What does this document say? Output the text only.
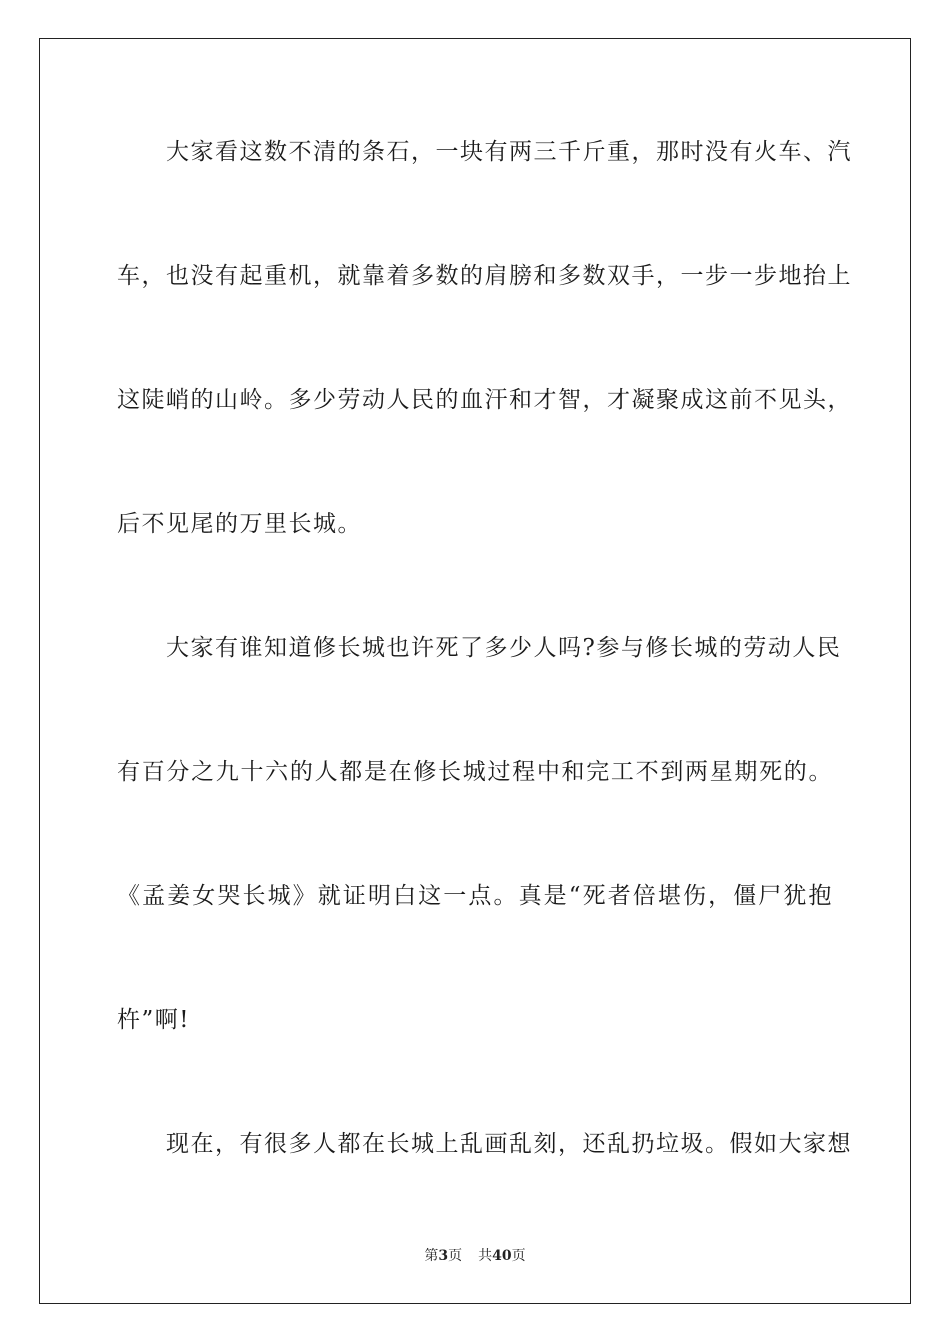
　　大家看这数不清的条石，一块有两三千斤重，那时没有火车、汽
车，也没有起重机，就靠着多数的肩膀和多数双手，一步一步地抬上
这陡峭的山岭。多少劳动人民的血汗和才智，才凝聚成这前不见头，
后不见尾的万里长城。
　　大家有谁知道修长城也许死了多少人吗?参与修长城的劳动人民
有百分之九十六的人都是在修长城过程中和完工不到两星期死的。
《孟姜女哭长城》就证明白这一点。真是“死者倍堪伤，僵尸犹抱
杵”啊!
　　现在，有很多人都在长城上乱画乱刻，还乱扔垃圾。假如大家想
第3页 共40页
